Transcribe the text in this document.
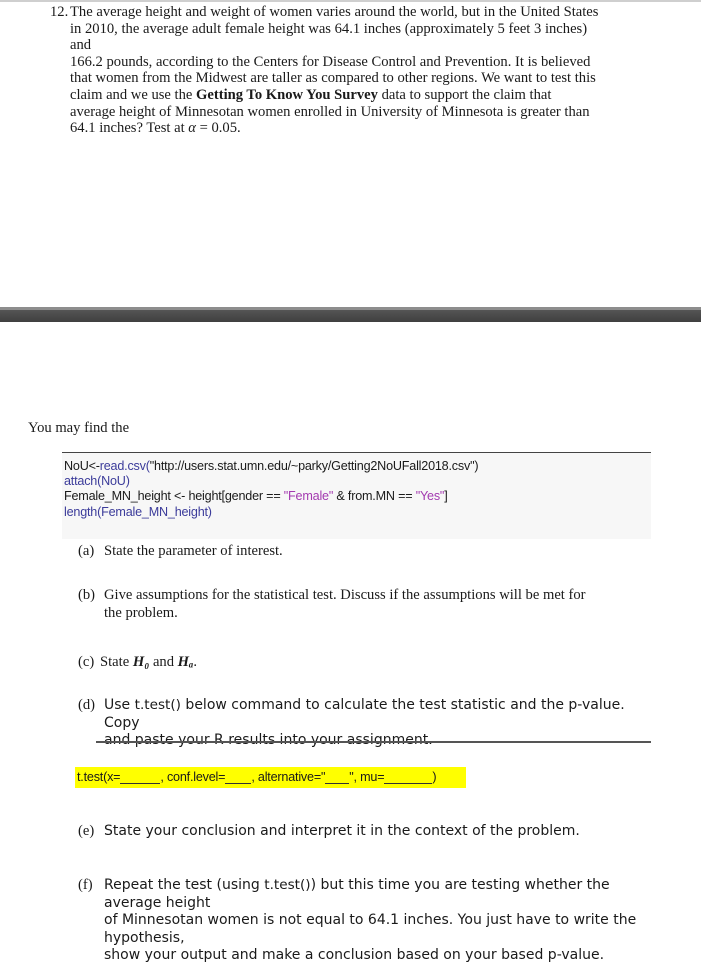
12. The average height and weight of women varies around the world, but in the United States
in 2010, the average adult female height was 64.1 inches (approximately 5 feet 3 inches)
and
166.2 pounds, according to the Centers for Disease Control and Prevention. It is believed
that women from the Midwest are taller as compared to other regions. We want to test this
claim and we use the Getting To Know You Survey data to support the claim that
average height of Minnesotan women enrolled in University of Minnesota is greater than
64.1 inches? Test at α = 0.05.
You may find the
NoU<-read.csv("http://users.stat.umn.edu/~parky/Getting2NoUFall2018.csv")
attach(NoU)
Female_MN_height <- height[gender == "Female" & from.MN == "Yes"]
length(Female_MN_height)
(a) State the parameter of interest.
(b) Give assumptions for the statistical test. Discuss if the assumptions will be met for
the problem.
(c) State H₀ and Hₐ.
(d) Use t.test() below command to calculate the test statistic and the p-value. Copy
t.test(x=	, conf.level= , alternative=" ", mu=	)
(e) State your conclusion and interpret it in the context of the problem.
(f) Repeat the test (using t.test()) but this time you are testing whether the average height
of Minnesotan women is not equal to 64.1 inches. You just have to write the hypothesis,
show your output and make a conclusion based on your based p-value.
